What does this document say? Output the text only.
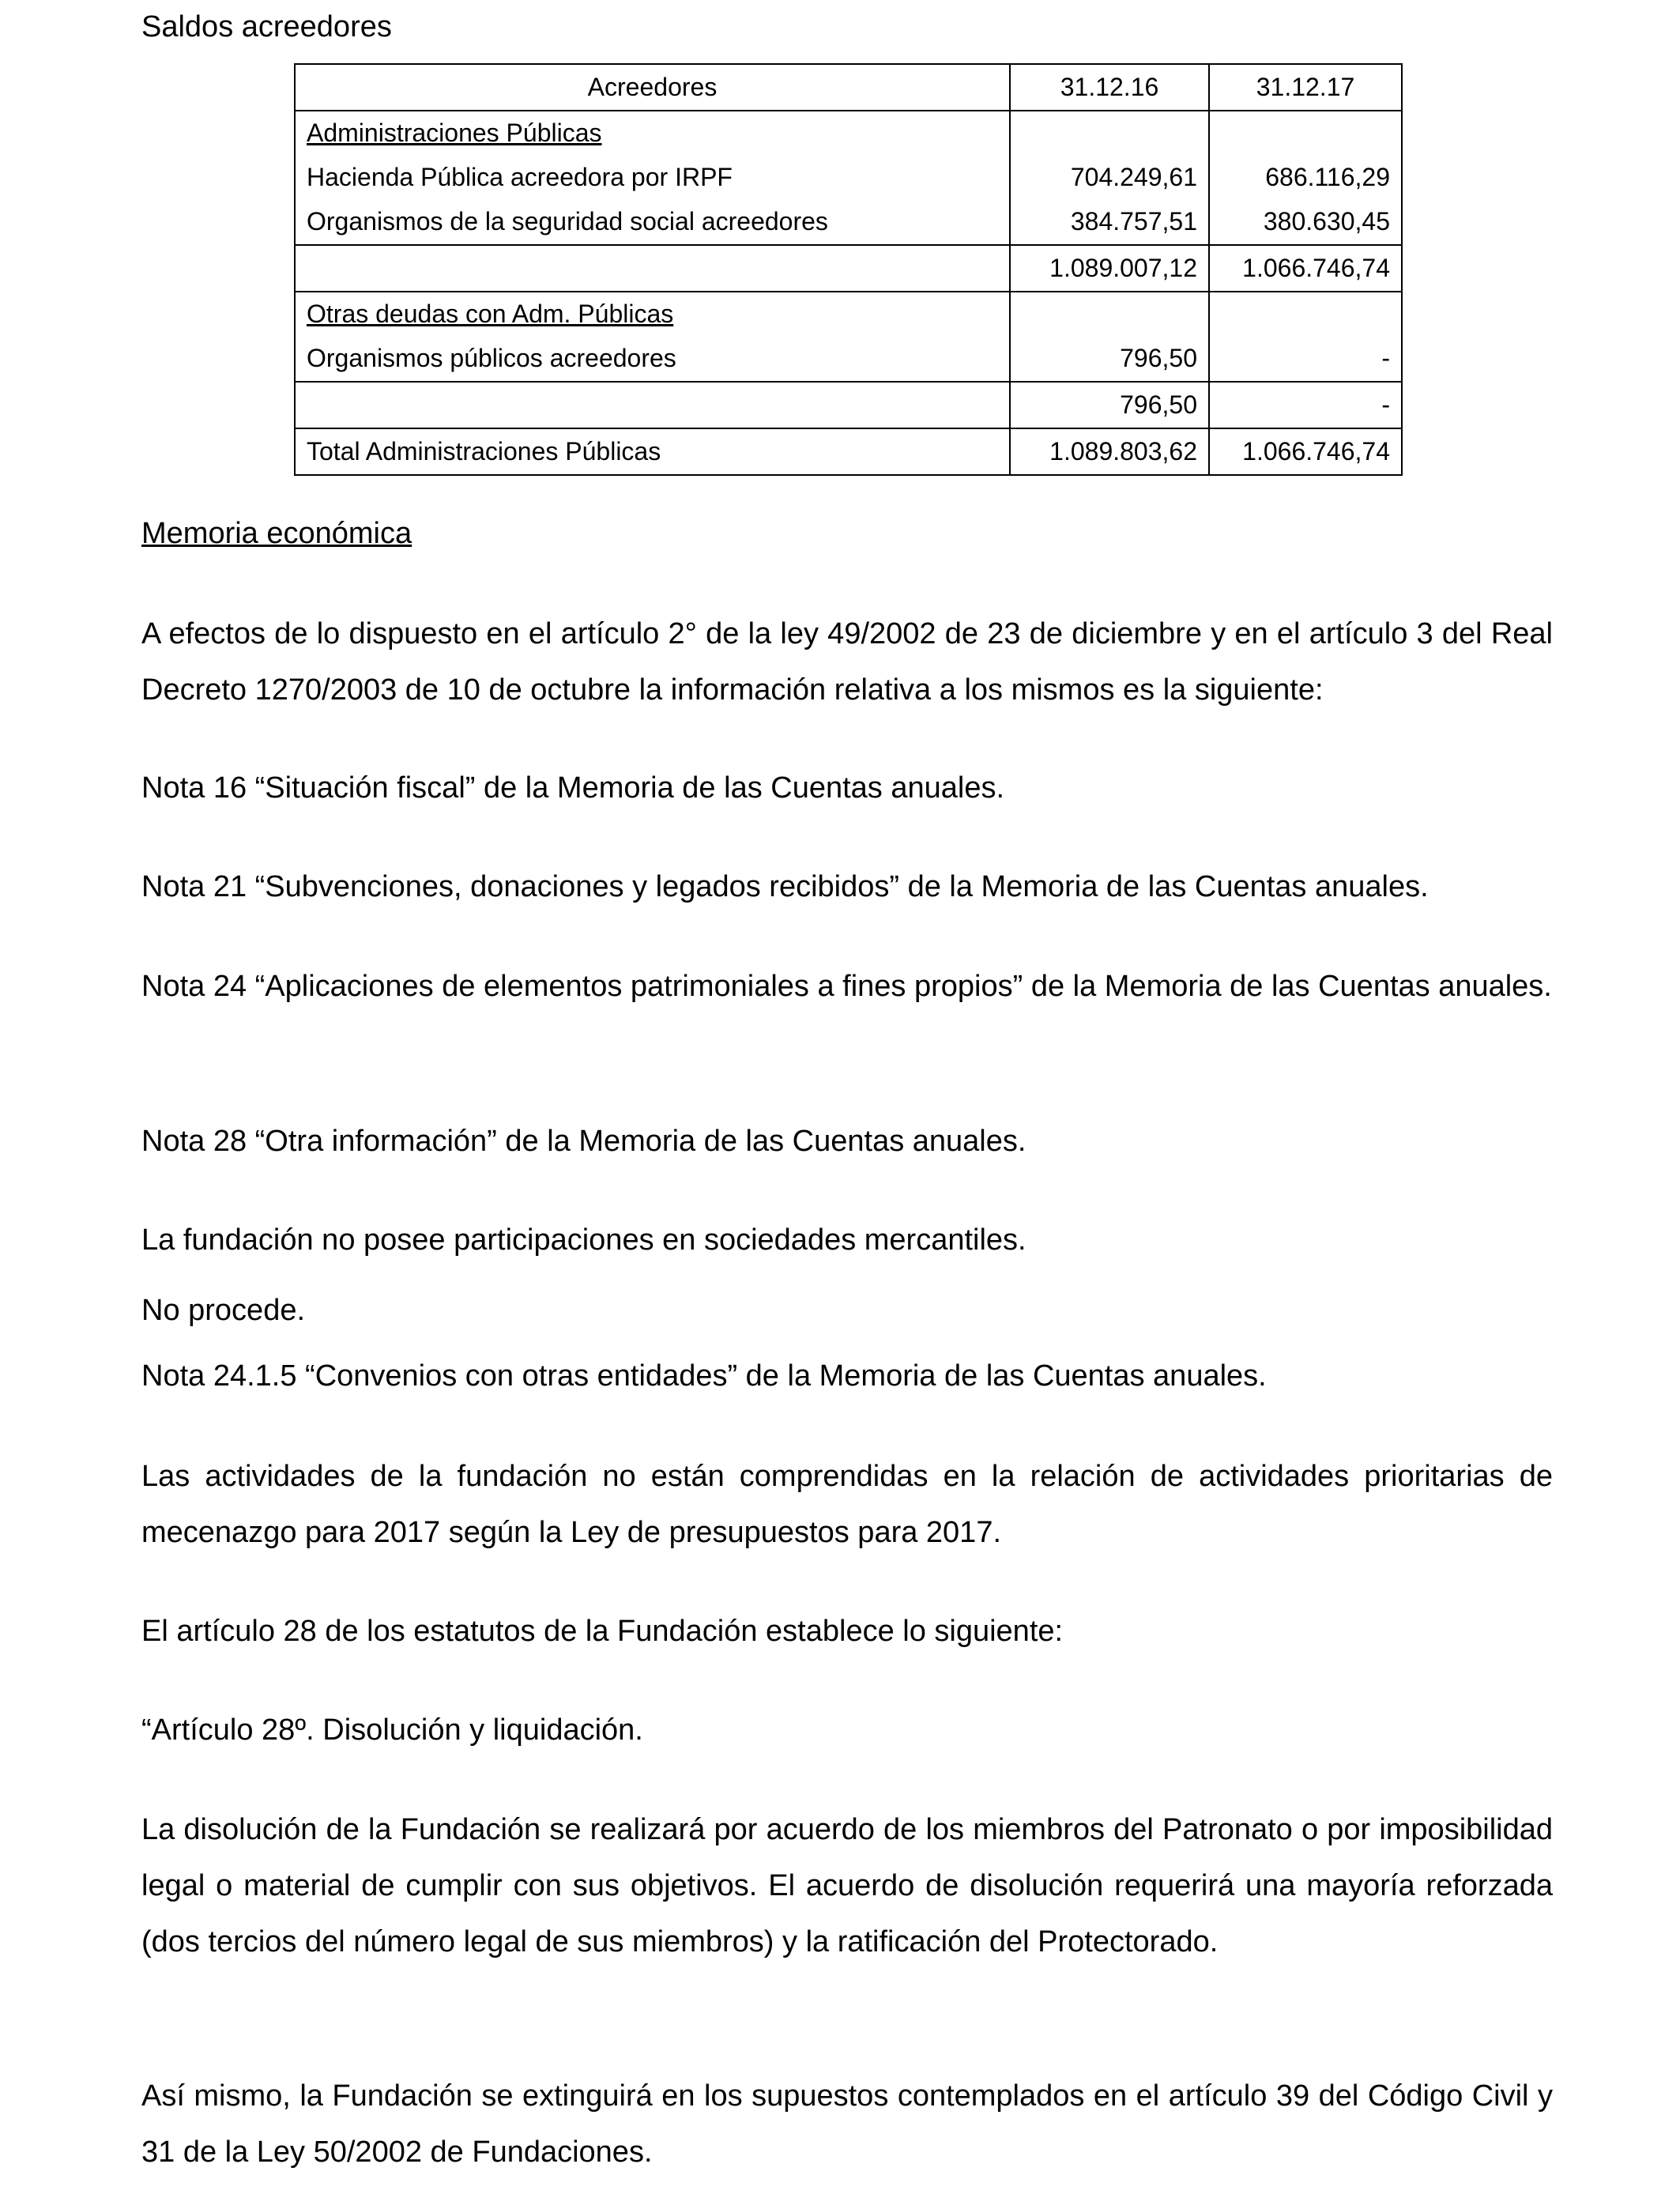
Saldos acreedores
Acreedores	31.12.16	31.12.17
Administraciones Públicas		
Hacienda Pública acreedora por IRPF	704.249,61	686.116,29
Organismos de la seguridad social acreedores	384.757,51	380.630,45
	1.089.007,12	1.066.746,74
Otras deudas con Adm. Públicas		
Organismos públicos acreedores	796,50	-
	796,50	-
Total Administraciones Públicas	1.089.803,62	1.066.746,74
Memoria económica

A efectos de lo dispuesto en el artículo 2° de la ley 49/2002 de 23 de diciembre y en el artículo 3 del Real Decreto 1270/2003 de 10 de octubre la información relativa a los mismos es la siguiente:

Nota 16 “Situación fiscal” de la Memoria de las Cuentas anuales.

Nota 21 “Subvenciones, donaciones y legados recibidos” de la Memoria de las Cuentas anuales.

Nota 24 “Aplicaciones de elementos patrimoniales a fines propios” de la Memoria de las Cuentas anuales.

Nota 28 “Otra información” de la Memoria de las Cuentas anuales.

La fundación no posee participaciones en sociedades mercantiles.

No procede.

Nota 24.1.5 “Convenios con otras entidades” de la Memoria de las Cuentas anuales.

Las actividades de la fundación no están comprendidas en la relación de actividades prioritarias de mecenazgo para 2017 según la Ley de presupuestos para 2017.

El artículo 28 de los estatutos de la Fundación establece lo siguiente:

“Artículo 28º. Disolución y liquidación.

La disolución de la Fundación se realizará por acuerdo de los miembros del Patronato o por imposibilidad legal o material de cumplir con sus objetivos. El acuerdo de disolución requerirá una mayoría reforzada (dos tercios del número legal de sus miembros) y la ratificación del Protectorado.

Así mismo, la Fundación se extinguirá en los supuestos contemplados en el artículo 39 del Código Civil y 31 de la Ley 50/2002 de Fundaciones.
